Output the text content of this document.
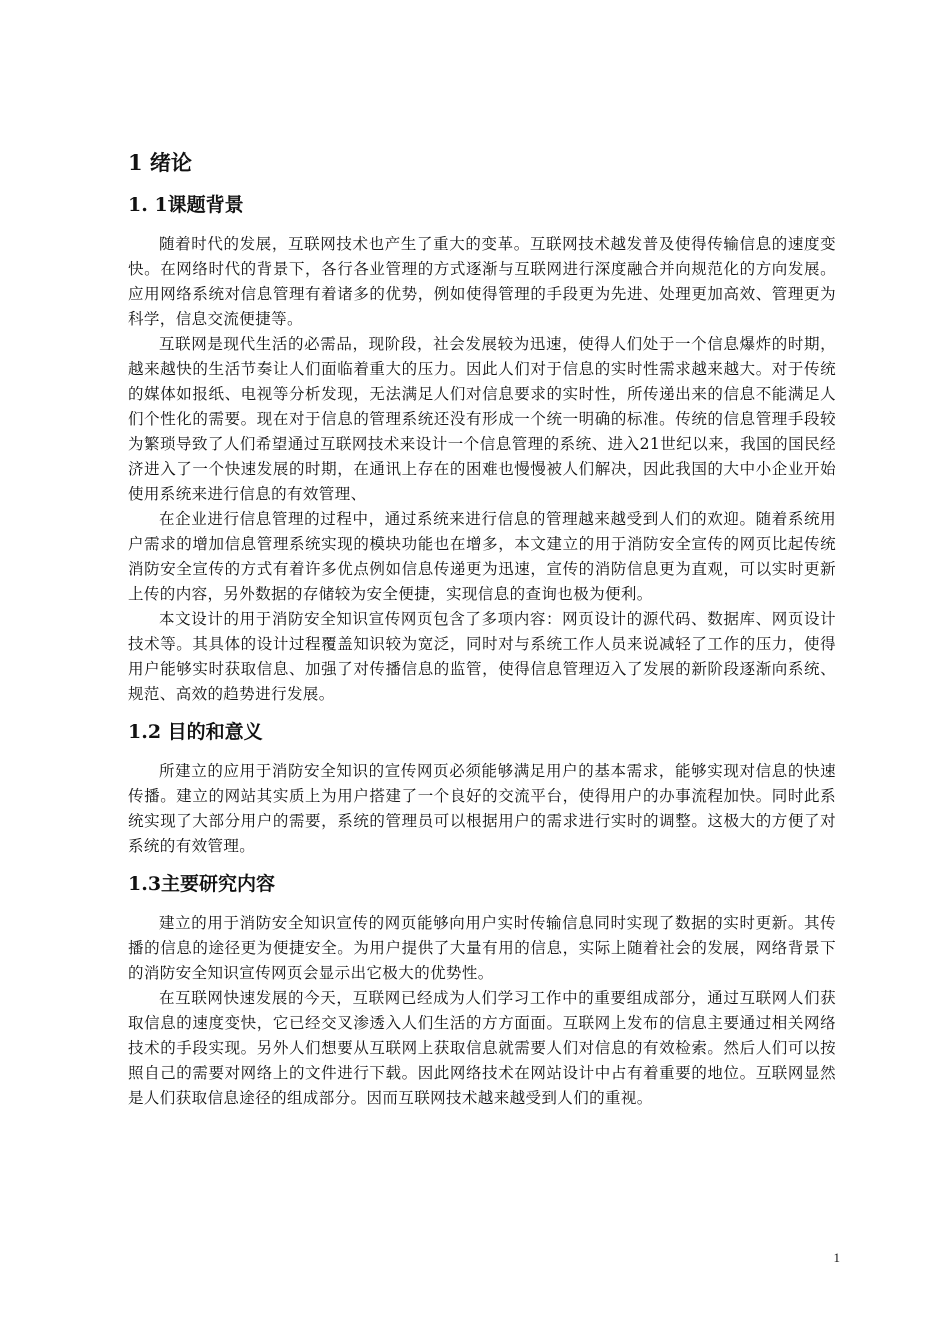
1 绪论
1. 1课题背景

随着时代的发展，互联网技术也产生了重大的变革。互联网技术越发普及使得传输信息的速度变快。在网络时代的背景下，各行各业管理的方式逐渐与互联网进行深度融合并向规范化的方向发展。应用网络系统对信息管理有着诸多的优势，例如使得管理的手段更为先进、处理更加高效、管理更为科学，信息交流便捷等。

互联网是现代生活的必需品，现阶段，社会发展较为迅速，使得人们处于一个信息爆炸的时期，越来越快的生活节奏让人们面临着重大的压力。因此人们对于信息的实时性需求越来越大。对于传统的媒体如报纸、电视等分析发现，无法满足人们对信息要求的实时性，所传递出来的信息不能满足人们个性化的需要。现在对于信息的管理系统还没有形成一个统一明确的标准。传统的信息管理手段较为繁琐导致了人们希望通过互联网技术来设计一个信息管理的系统、进入21世纪以来，我国的国民经济进入了一个快速发展的时期，在通讯上存在的困难也慢慢被人们解决，因此我国的大中小企业开始使用系统来进行信息的有效管理、

在企业进行信息管理的过程中，通过系统来进行信息的管理越来越受到人们的欢迎。随着系统用户需求的增加信息管理系统实现的模块功能也在增多，本文建立的用于消防安全宣传的网页比起传统消防安全宣传的方式有着许多优点例如信息传递更为迅速，宣传的消防信息更为直观，可以实时更新上传的内容，另外数据的存储较为安全便捷，实现信息的查询也极为便利。

本文设计的用于消防安全知识宣传网页包含了多项内容：网页设计的源代码、数据库、网页设计技术等。其具体的设计过程覆盖知识较为宽泛，同时对与系统工作人员来说减轻了工作的压力，使得用户能够实时获取信息、加强了对传播信息的监管，使得信息管理迈入了发展的新阶段逐渐向系统、规范、高效的趋势进行发展。

1.2 目的和意义

所建立的应用于消防安全知识的宣传网页必须能够满足用户的基本需求，能够实现对信息的快速传播。建立的网站其实质上为用户搭建了一个良好的交流平台，使得用户的办事流程加快。同时此系统实现了大部分用户的需要，系统的管理员可以根据用户的需求进行实时的调整。这极大的方便了对系统的有效管理。

1.3主要研究内容

建立的用于消防安全知识宣传的网页能够向用户实时传输信息同时实现了数据的实时更新。其传播的信息的途径更为便捷安全。为用户提供了大量有用的信息，实际上随着社会的发展，网络背景下的消防安全知识宣传网页会显示出它极大的优势性。

在互联网快速发展的今天，互联网已经成为人们学习工作中的重要组成部分，通过互联网人们获取信息的速度变快，它已经交叉渗透入人们生活的方方面面。互联网上发布的信息主要通过相关网络技术的手段实现。另外人们想要从互联网上获取信息就需要人们对信息的有效检索。然后人们可以按照自己的需要对网络上的文件进行下载。因此网络技术在网站设计中占有着重要的地位。互联网显然是人们获取信息途径的组成部分。因而互联网技术越来越受到人们的重视。

1
